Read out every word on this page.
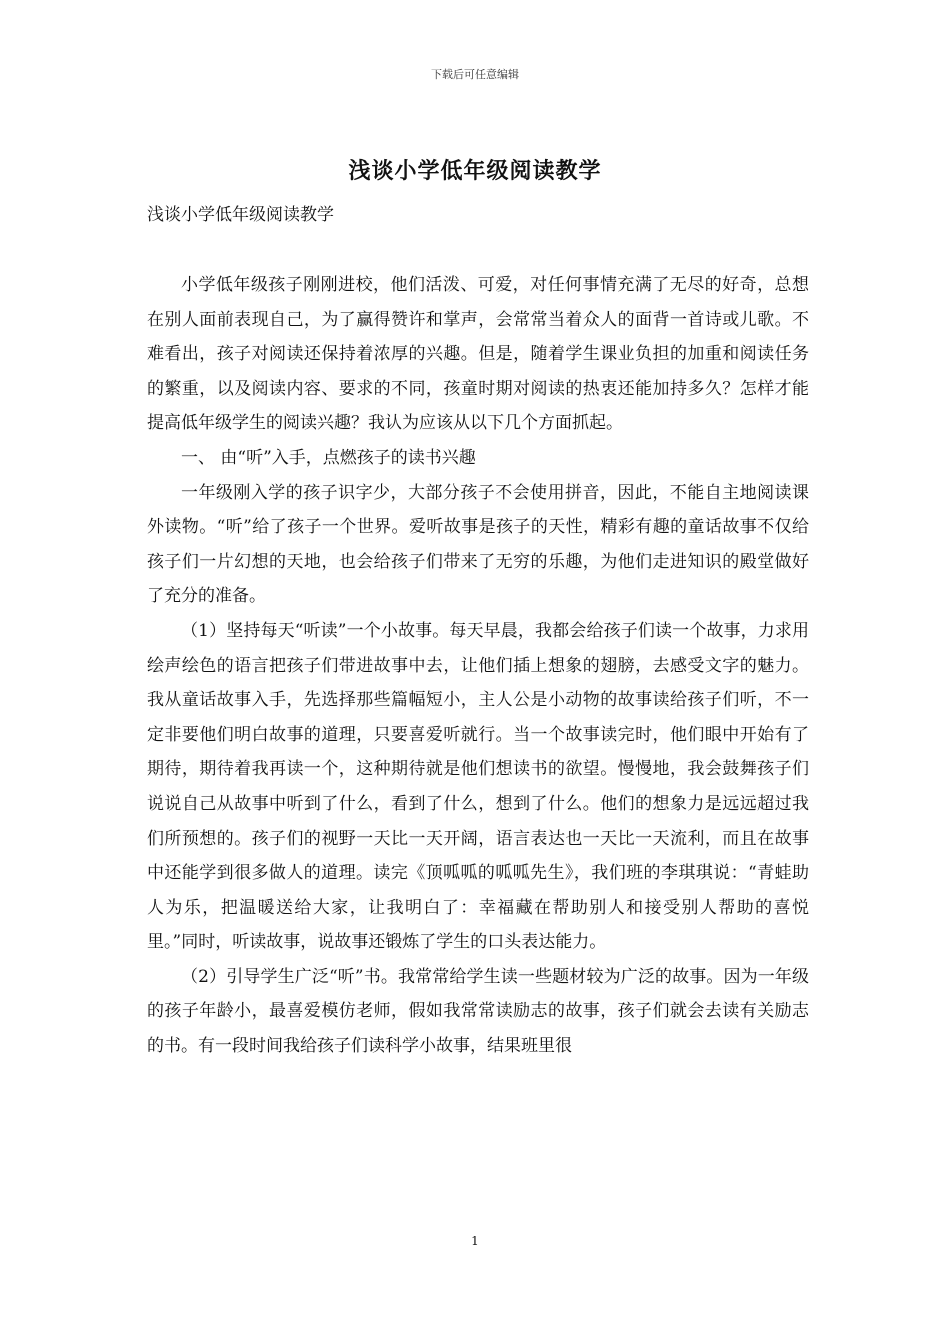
下载后可任意编辑
浅谈小学低年级阅读教学
浅谈小学低年级阅读教学

小学低年级孩子刚刚进校，他们活泼、可爱，对任何事情充满了无尽的好奇，总想在别人面前表现自己，为了赢得赞许和掌声，会常常当着众人的面背一首诗或儿歌。不难看出，孩子对阅读还保持着浓厚的兴趣。但是，随着学生课业负担的加重和阅读任务的繁重，以及阅读内容、要求的不同，孩童时期对阅读的热衷还能加持多久？怎样才能提高低年级学生的阅读兴趣？我认为应该从以下几个方面抓起。

一、 由“听”入手，点燃孩子的读书兴趣

一年级刚入学的孩子识字少，大部分孩子不会使用拼音，因此，不能自主地阅读课外读物。“听”给了孩子一个世界。爱听故事是孩子的天性，精彩有趣的童话故事不仅给孩子们一片幻想的天地，也会给孩子们带来了无穷的乐趣，为他们走进知识的殿堂做好了充分的准备。

（1）坚持每天“听读”一个小故事。每天早晨，我都会给孩子们读一个故事，力求用绘声绘色的语言把孩子们带进故事中去，让他们插上想象的翅膀，去感受文字的魅力。我从童话故事入手，先选择那些篇幅短小，主人公是小动物的故事读给孩子们听，不一定非要他们明白故事的道理，只要喜爱听就行。当一个故事读完时，他们眼中开始有了期待，期待着我再读一个，这种期待就是他们想读书的欲望。慢慢地，我会鼓舞孩子们说说自己从故事中听到了什么，看到了什么，想到了什么。他们的想象力是远远超过我们所预想的。孩子们的视野一天比一天开阔，语言表达也一天比一天流利，而且在故事中还能学到很多做人的道理。读完《顶呱呱的呱呱先生》，我们班的李琪琪说：“青蛙助人为乐，把温暖送给大家，让我明白了：幸福藏在帮助别人和接受别人帮助的喜悦里。”同时，听读故事，说故事还锻炼了学生的口头表达能力。

（2）引导学生广泛“听”书。我常常给学生读一些题材较为广泛的故事。因为一年级的孩子年龄小，最喜爱模仿老师，假如我常常读励志的故事，孩子们就会去读有关励志的书。有一段时间我给孩子们读科学小故事，结果班里很

1
